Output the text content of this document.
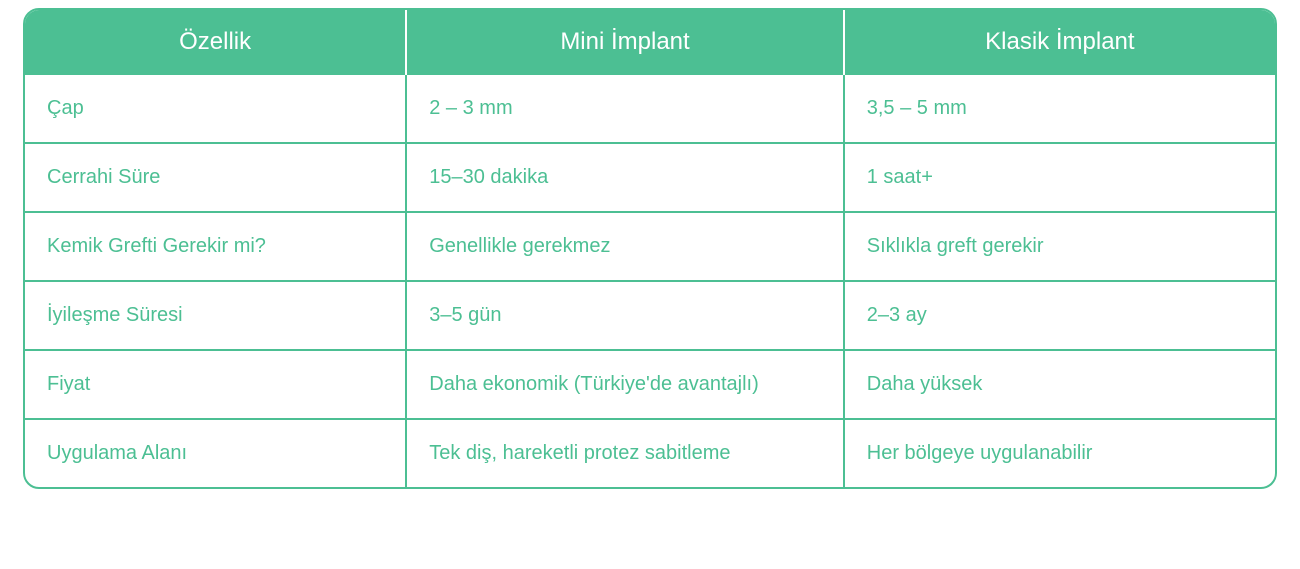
Özellik	Mini İmplant	Klasik İmplant
Çap	2 – 3 mm	3,5 – 5 mm
Cerrahi Süre	15–30 dakika	1 saat+
Kemik Grefti Gerekir mi?	Genellikle gerekmez	Sıklıkla greft gerekir
İyileşme Süresi	3–5 gün	2–3 ay
Fiyat	Daha ekonomik (Türkiye'de avantajlı)	Daha yüksek
Uygulama Alanı	Tek diş, hareketli protez sabitleme	Her bölgeye uygulanabilir
